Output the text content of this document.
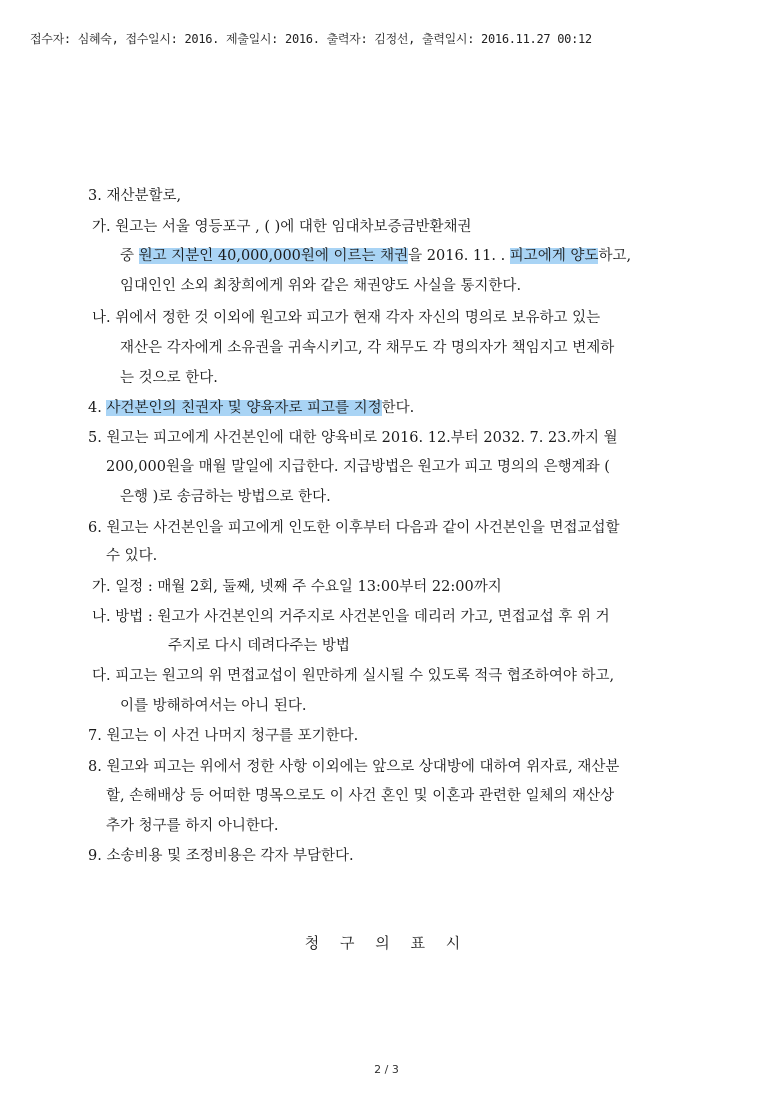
접수자: 심혜숙, 접수일시: 2016. 제출일시: 2016. 출력자: 김정선, 출력일시: 2016.11.27 00:12
3. 재산분할로,
가. 원고는 서울 영등포구 , ( )에 대한 임대차보증금반환채권
중 원고 지분인 40,000,000원에 이르는 채권을 2016. 11. . 피고에게 양도하고,
임대인인 소외 최창희에게 위와 같은 채권양도 사실을 통지한다.
나. 위에서 정한 것 이외에 원고와 피고가 현재 각자 자신의 명의로 보유하고 있는
재산은 각자에게 소유권을 귀속시키고, 각 채무도 각 명의자가 책임지고 변제하
는 것으로 한다.
4. 사건본인의 친권자 및 양육자로 피고를 지정한다.
5. 원고는 피고에게 사건본인에 대한 양육비로 2016. 12.부터 2032. 7. 23.까지 월
200,000원을 매월 말일에 지급한다. 지급방법은 원고가 피고 명의의 은행계좌 (
은행 )로 송금하는 방법으로 한다.
6. 원고는 사건본인을 피고에게 인도한 이후부터 다음과 같이 사건본인을 면접교섭할
수 있다.
가. 일정 : 매월 2회, 둘째, 넷째 주 수요일 13:00부터 22:00까지
나. 방법 : 원고가 사건본인의 거주지로 사건본인을 데리러 가고, 면접교섭 후 위 거
주지로 다시 데려다주는 방법
다. 피고는 원고의 위 면접교섭이 원만하게 실시될 수 있도록 적극 협조하여야 하고,
이를 방해하여서는 아니 된다.
7. 원고는 이 사건 나머지 청구를 포기한다.
8. 원고와 피고는 위에서 정한 사항 이외에는 앞으로 상대방에 대하여 위자료, 재산분
할, 손해배상 등 어떠한 명목으로도 이 사건 혼인 및 이혼과 관련한 일체의 재산상
추가 청구를 하지 아니한다.
9. 소송비용 및 조정비용은 각자 부담한다.
청 구 의 표 시
2 / 3
